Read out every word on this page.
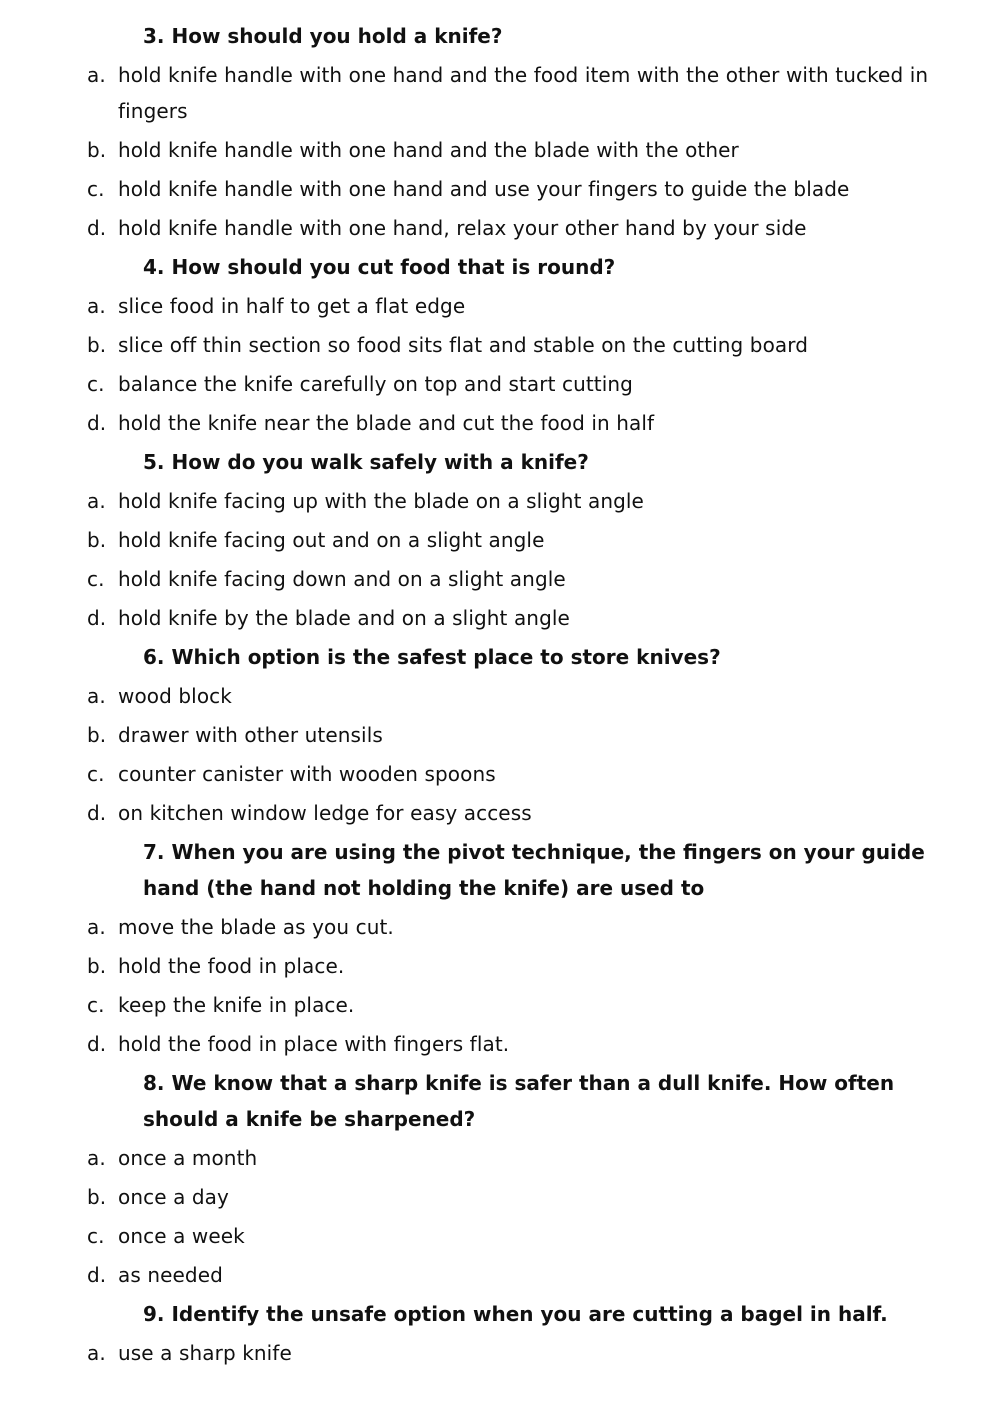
3. How should you hold a knife?
a. hold knife handle with one hand and the food item with the other with tucked in fingers
b. hold knife handle with one hand and the blade with the other
c. hold knife handle with one hand and use your fingers to guide the blade
d. hold knife handle with one hand, relax your other hand by your side
4. How should you cut food that is round?
a. slice food in half to get a flat edge
b. slice off thin section so food sits flat and stable on the cutting board
c. balance the knife carefully on top and start cutting
d. hold the knife near the blade and cut the food in half
5. How do you walk safely with a knife?
a. hold knife facing up with the blade on a slight angle
b. hold knife facing out and on a slight angle
c. hold knife facing down and on a slight angle
d. hold knife by the blade and on a slight angle
6. Which option is the safest place to store knives?
a. wood block
b. drawer with other utensils
c. counter canister with wooden spoons
d. on kitchen window ledge for easy access
7. When you are using the pivot technique, the fingers on your guide hand (the hand not holding the knife) are used to
a. move the blade as you cut.
b. hold the food in place.
c. keep the knife in place.
d. hold the food in place with fingers flat.
8. We know that a sharp knife is safer than a dull knife. How often should a knife be sharpened?
a. once a month
b. once a day
c. once a week
d. as needed
9. Identify the unsafe option when you are cutting a bagel in half.
a. use a sharp knife
